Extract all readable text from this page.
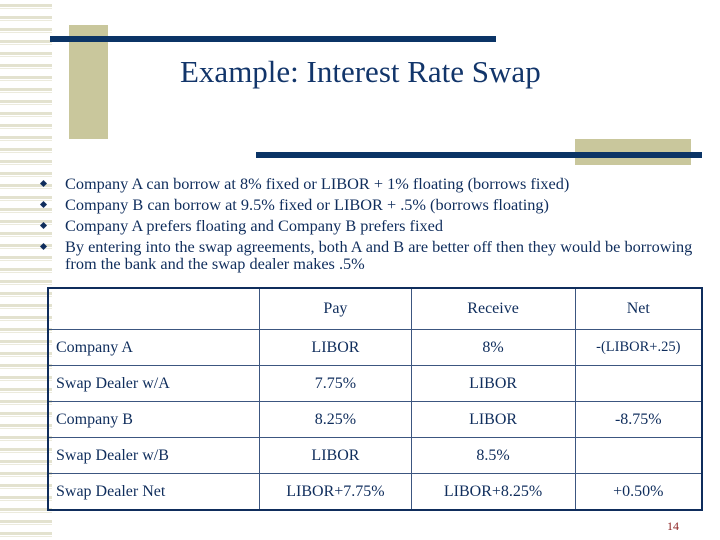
Example: Interest Rate Swap
Company A can borrow at 8% fixed or LIBOR + 1% floating (borrows fixed)
Company B can borrow at 9.5% fixed or LIBOR + .5% (borrows floating)
Company A prefers floating and Company B prefers fixed
By entering into the swap agreements, both A and B are better off then they would be borrowing from the bank and the swap dealer makes .5%
	Pay	Receive	Net
Company A	LIBOR	8%	-(LIBOR+.25)
Swap Dealer w/A	7.75%	LIBOR	
Company B	8.25%	LIBOR	-8.75%
Swap Dealer w/B	LIBOR	8.5%	
Swap Dealer Net	LIBOR+7.75%	LIBOR+8.25%	+0.50%
14
